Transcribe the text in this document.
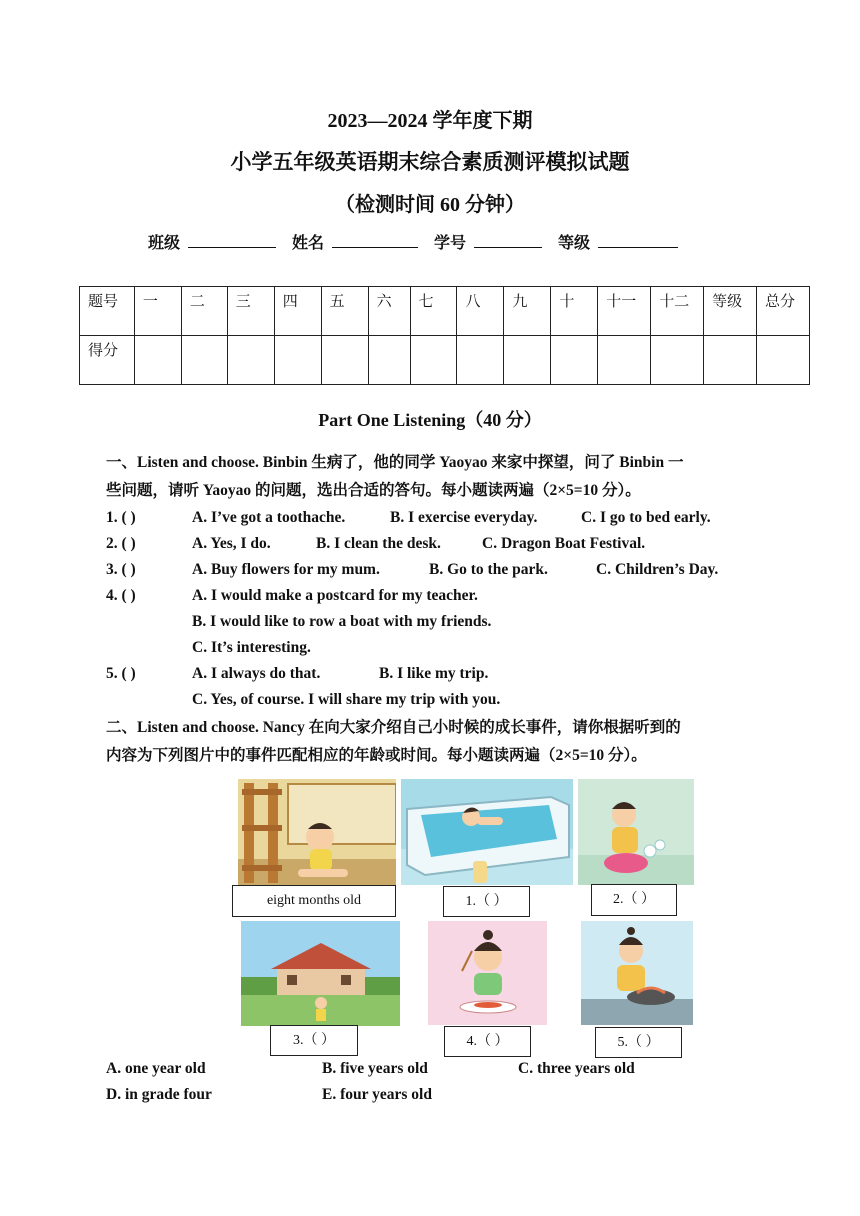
2023—2024 学年度下期
小学五年级英语期末综合素质测评模拟试题
（检测时间 60 分钟）
班级	姓名	学号	等级
题号	一	二	三	四	五	六	七	八	九	十	十一	十二	等级	总分
得分														
Part One Listening（40 分）
一、Listen and choose. Binbin 生病了，他的同学 Yaoyao 来家中探望，问了 Binbin 一
些问题，请听 Yaoyao 的问题，选出合适的答句。每小题读两遍（2×5=10 分）。
1. ( )	A. I’ve got a toothache.	B. I exercise everyday.	C. I go to bed early.
2. ( )	A. Yes, I do.	B. I clean the desk.	C. Dragon Boat Festival.
3. ( )	A. Buy flowers for my mum.	B. Go to the park.	C. Children’s Day.
4. ( )	A. I would make a postcard for my teacher.
B. I would like to row a boat with my friends.
C. It’s interesting.
5. ( )	A. I always do that.	B. I like my trip.
C. Yes, of course. I will share my trip with you.
二、Listen and choose. Nancy 在向大家介绍自己小时候的成长事件，请你根据听到的
内容为下列图片中的事件匹配相应的年龄或时间。每小题读两遍（2×5=10 分）。
eight months old	1.（ ）	2.（ ）
3.（ ）	4.（ ）	5.（ ）
A. one year old	B. five years old	C. three years old
D. in grade four	E. four years old
